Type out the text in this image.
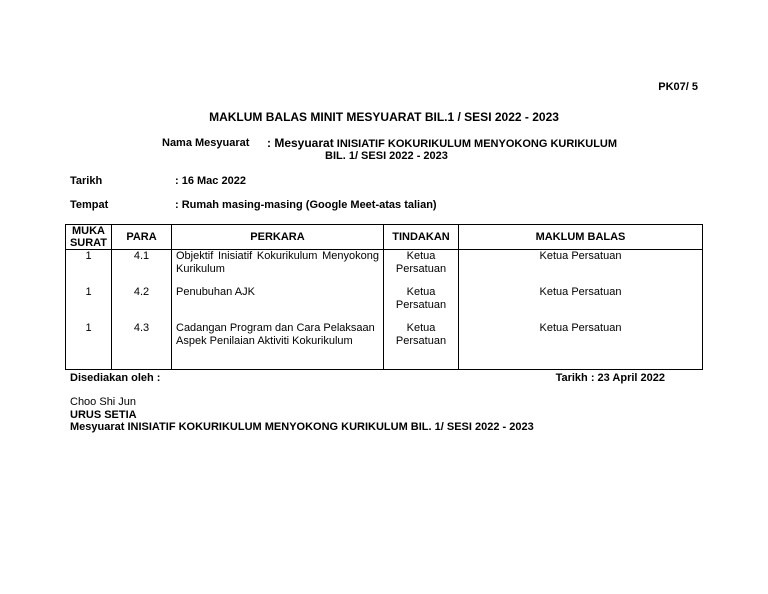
PK07/ 5
MAKLUM BALAS MINIT MESYUARAT BIL.1 / SESI 2022 - 2023
Nama Mesyuarat : Mesyuarat INISIATIF KOKURIKULUM MENYOKONG KURIKULUM
BIL. 1/ SESI 2022 - 2023
Tarikh	: 16 Mac 2022
Tempat	: Rumah masing-masing (Google Meet-atas talian)
MUKA SURAT	PARA	PERKARA	TINDAKAN	MAKLUM BALAS
1	4.1	Objektif Inisiatif Kokurikulum Menyokong Kurikulum	Ketua Persatuan	Ketua Persatuan
1	4.2	Penubuhan AJK	Ketua Persatuan	Ketua Persatuan
1	4.3	Cadangan Program dan Cara Pelaksaan Aspek Penilaian Aktiviti Kokurikulum	Ketua Persatuan	Ketua Persatuan
Disediakan oleh :	Tarikh : 23 April 2022
Choo Shi Jun
URUS SETIA
Mesyuarat INISIATIF KOKURIKULUM MENYOKONG KURIKULUM BIL. 1/ SESI 2022 - 2023
